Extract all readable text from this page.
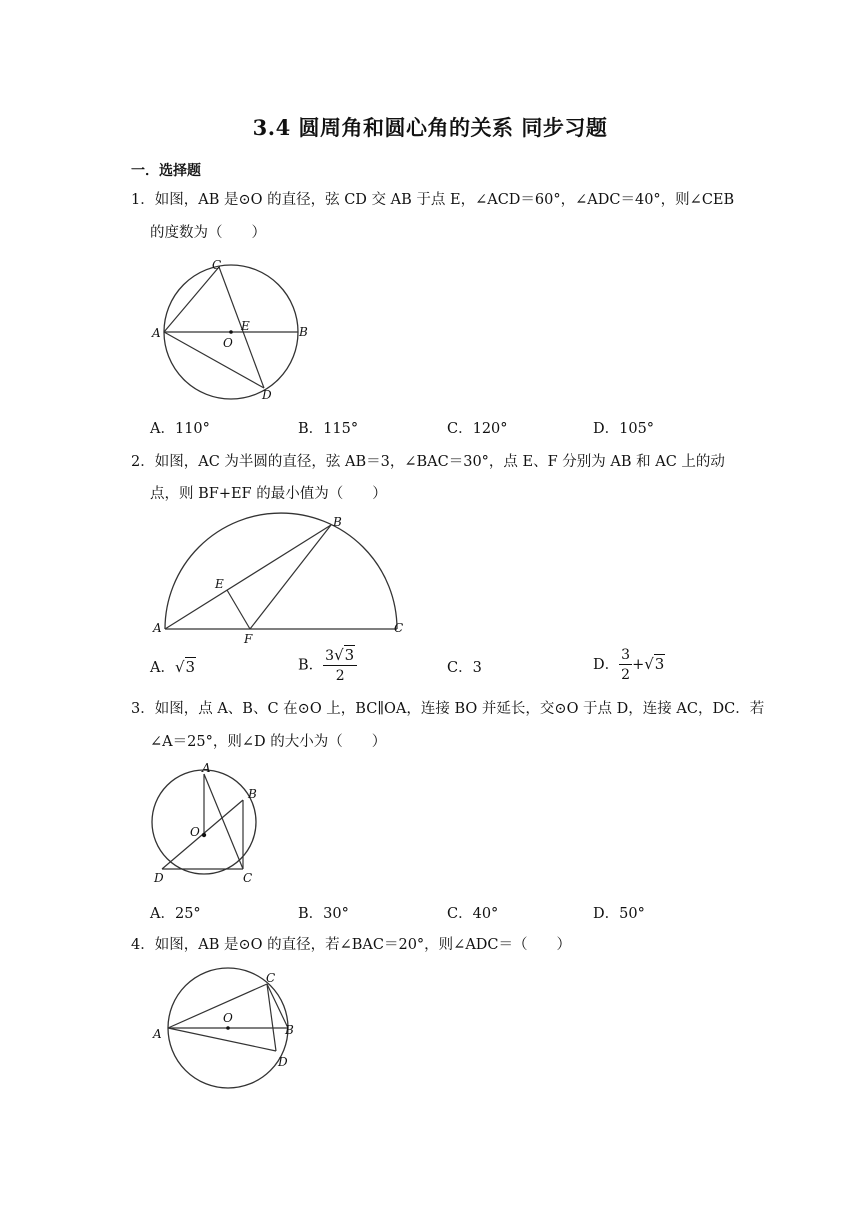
3.4 圆周角和圆心角的关系 同步习题
一．选择题
1．如图，AB 是⊙O 的直径，弦 CD 交 AB 于点 E，∠ACD＝60°，∠ADC＝40°，则∠CEB
的度数为（　　）
C
A	B
E
O
D
A．110°	B．115°	C．120°	D．105°
2．如图，AC 为半圆的直径，弦 AB＝3，∠BAC＝30°，点 E、F 分别为 AB 和 AC 上的动
点，则 BF+EF 的最小值为（　　）
B
E
A
F
C
A．√3	B． $\frac{3√3}{2}$	C．3	D． $\frac{3}{2} +√3$
3．如图，点 A、B、C 在⊙O 上，BC∥OA，连接 BO 并延长，交⊙O 于点 D，连接 AC，DC．若
∠A＝25°，则∠D 的大小为（　　）
A
B
O
D	C
A．25°	B．30°	C．40°	D．50°
4．如图，AB 是⊙O 的直径，若∠BAC＝20°，则∠ADC＝（　　）
C
O
A	B
D
